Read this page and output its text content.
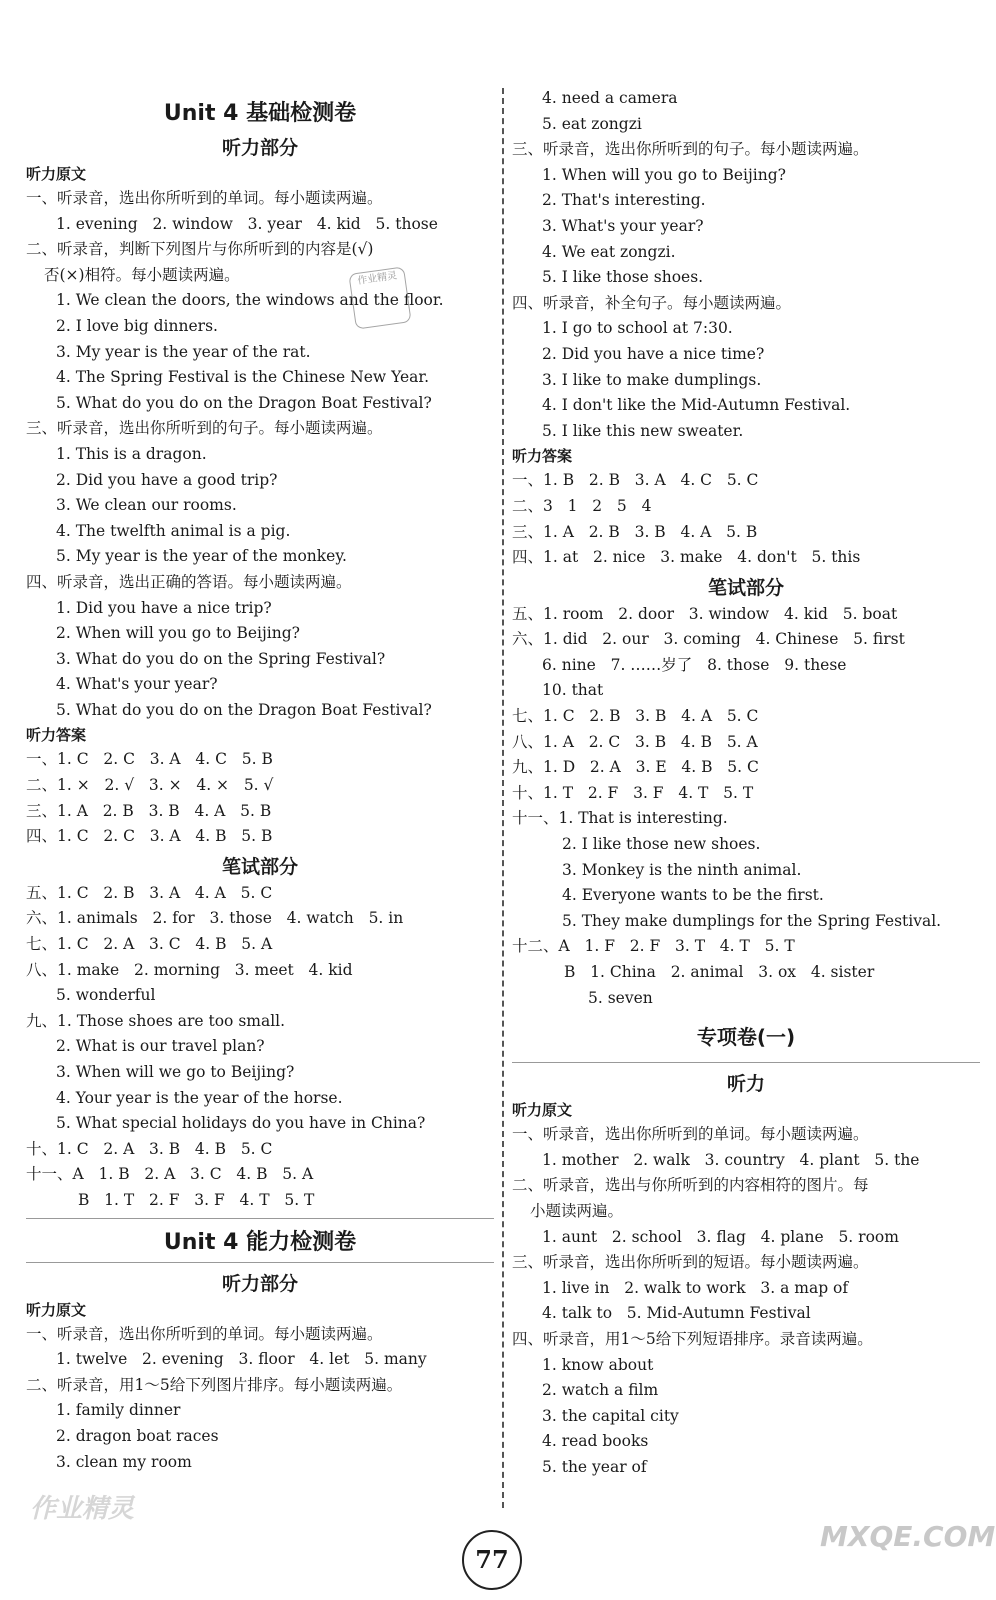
Unit 4 基础检测卷
听力部分
听力原文
一、听录音，选出你所听到的单词。每小题读两遍。
1. evening   2. window   3. year   4. kid   5. those
二、听录音，判断下列图片与你所听到的内容是(√)
否(×)相符。每小题读两遍。
1. We clean the doors, the windows and the floor.
2. I love big dinners.
3. My year is the year of the rat.
4. The Spring Festival is the Chinese New Year.
5. What do you do on the Dragon Boat Festival?
三、听录音，选出你所听到的句子。每小题读两遍。
1. This is a dragon.
2. Did you have a good trip?
3. We clean our rooms.
4. The twelfth animal is a pig.
5. My year is the year of the monkey.
四、听录音，选出正确的答语。每小题读两遍。
1. Did you have a nice trip?
2. When will you go to Beijing?
3. What do you do on the Spring Festival?
4. What's your year?
5. What do you do on the Dragon Boat Festival?
听力答案
一、1. C   2. C   3. A   4. C   5. B
二、1. ×   2. √   3. ×   4. ×   5. √
三、1. A   2. B   3. B   4. A   5. B
四、1. C   2. C   3. A   4. B   5. B
笔试部分
五、1. C   2. B   3. A   4. A   5. C
六、1. animals   2. for   3. those   4. watch   5. in
七、1. C   2. A   3. C   4. B   5. A
八、1. make   2. morning   3. meet   4. kid
5. wonderful
九、1. Those shoes are too small.
2. What is our travel plan?
3. When will we go to Beijing?
4. Your year is the year of the horse.
5. What special holidays do you have in China?
十、1. C   2. A   3. B   4. B   5. C
十一、A   1. B   2. A   3. C   4. B   5. A
B   1. T   2. F   3. F   4. T   5. T
Unit 4 能力检测卷
听力部分
听力原文
一、听录音，选出你所听到的单词。每小题读两遍。
1. twelve   2. evening   3. floor   4. let   5. many
二、听录音，用1～5给下列图片排序。每小题读两遍。
1. family dinner
2. dragon boat races
3. clean my room
4. need a camera
5. eat zongzi
三、听录音，选出你所听到的句子。每小题读两遍。
1. When will you go to Beijing?
2. That's interesting.
3. What's your year?
4. We eat zongzi.
5. I like those shoes.
四、听录音，补全句子。每小题读两遍。
1. I go to school at 7:30.
2. Did you have a nice time?
3. I like to make dumplings.
4. I don't like the Mid-Autumn Festival.
5. I like this new sweater.
听力答案
一、1. B   2. B   3. A   4. C   5. C
二、3   1   2   5   4
三、1. A   2. B   3. B   4. A   5. B
四、1. at   2. nice   3. make   4. don't   5. this
笔试部分
五、1. room   2. door   3. window   4. kid   5. boat
六、1. did   2. our   3. coming   4. Chinese   5. first
6. nine   7. ……岁了   8. those   9. these
10. that
七、1. C   2. B   3. B   4. A   5. C
八、1. A   2. C   3. B   4. B   5. A
九、1. D   2. A   3. E   4. B   5. C
十、1. T   2. F   3. F   4. T   5. T
十一、1. That is interesting.
2. I like those new shoes.
3. Monkey is the ninth animal.
4. Everyone wants to be the first.
5. They make dumplings for the Spring Festival.
十二、A   1. F   2. F   3. T   4. T   5. T
B   1. China   2. animal   3. ox   4. sister
5. seven
专项卷(一)
听力
听力原文
一、听录音，选出你所听到的单词。每小题读两遍。
1. mother   2. walk   3. country   4. plant   5. the
二、听录音，选出与你所听到的内容相符的图片。每
小题读两遍。
1. aunt   2. school   3. flag   4. plane   5. room
三、听录音，选出你所听到的短语。每小题读两遍。
1. live in   2. walk to work   3. a map of
4. talk to   5. Mid-Autumn Festival
四、听录音，用1～5给下列短语排序。录音读两遍。
1. know about
2. watch a film
3. the capital city
4. read books
5. the year of
作业精灵
作业精灵
MXQE.COM
77
